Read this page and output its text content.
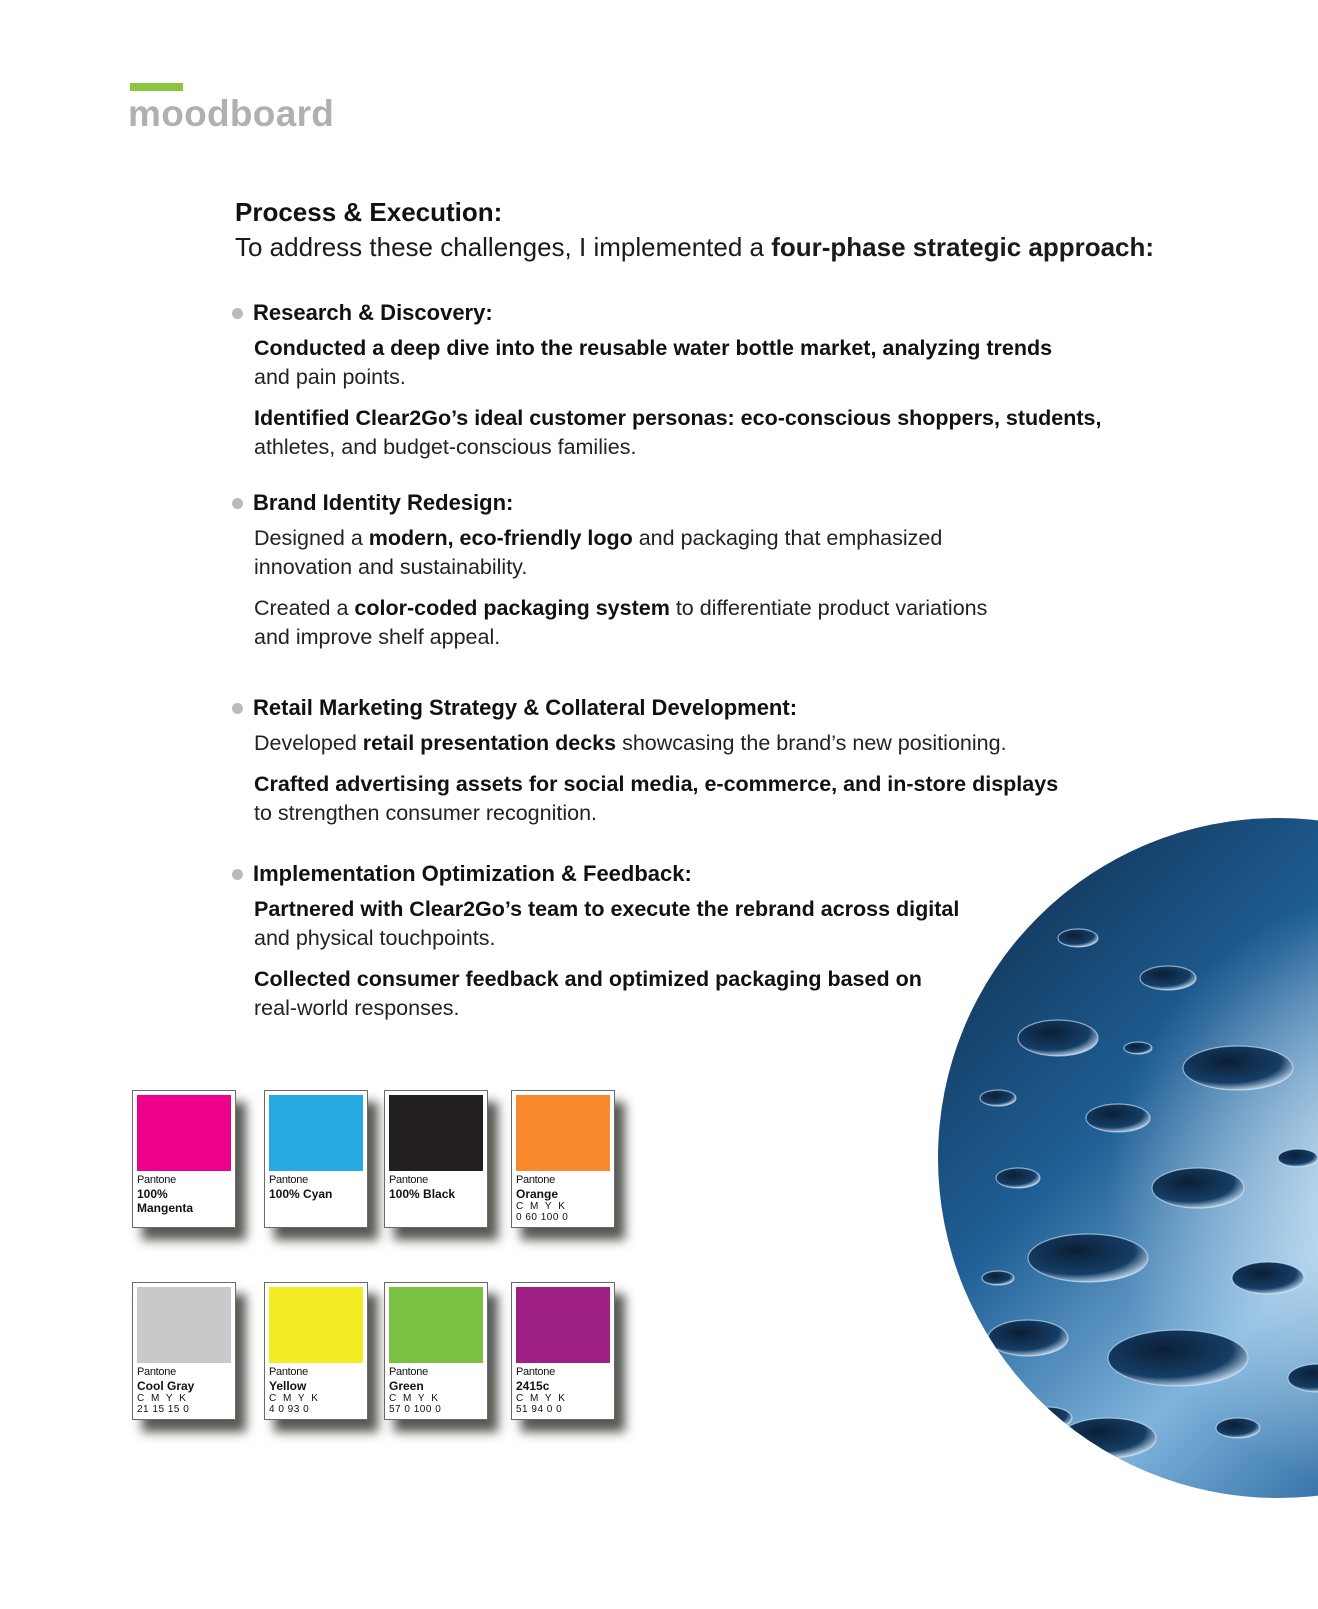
moodboard
Process & Execution:
To address these challenges, I implemented a four-phase strategic approach:
Research & Discovery:

Conducted a deep dive into the reusable water bottle market, analyzing trends
and pain points.

Identified Clear2Go’s ideal customer personas: eco-conscious shoppers, students,
athletes, and budget-conscious families.

Brand Identity Redesign:

Designed a modern, eco-friendly logo and packaging that emphasized
innovation and sustainability.

Created a color-coded packaging system to differentiate product variations
and improve shelf appeal.

Retail Marketing Strategy & Collateral Development:

Developed retail presentation decks showcasing the brand’s new positioning.

Crafted advertising assets for social media, e-commerce, and in-store displays
to strengthen consumer recognition.

Implementation Optimization & Feedback:

Partnered with Clear2Go’s team to execute the rebrand across digital
and physical touchpoints.

Collected consumer feedback and optimized packaging based on
real-world responses.

Pantone
100%
Mangenta
Pantone
100% Cyan
Pantone
100% Black
Pantone
Orange
C M Y K
0 60 100 0
Pantone
Cool Gray
C M Y K
21 15 15 0
Pantone
Yellow
C M Y K
4 0 93 0
Pantone
Green
C M Y K
57 0 100 0
Pantone
2415c
C M Y K
51 94 0 0
